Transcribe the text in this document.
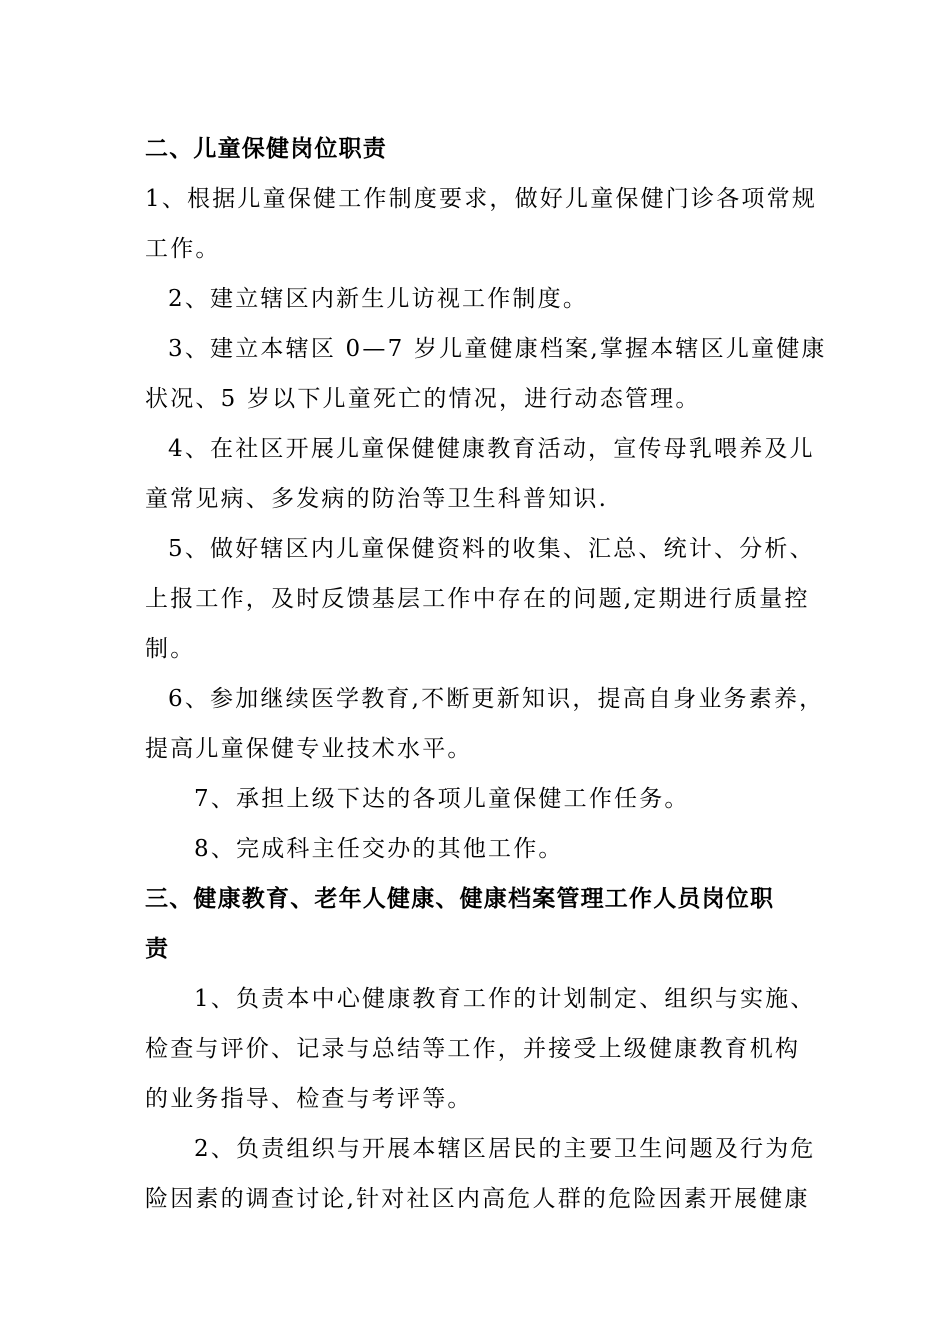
二、儿童保健岗位职责
1、根据儿童保健工作制度要求，做好儿童保健门诊各项常规
工作。
2、建立辖区内新生儿访视工作制度。
3、建立本辖区 0—7 岁儿童健康档案,掌握本辖区儿童健康
状况、5 岁以下儿童死亡的情况，进行动态管理。
4、在社区开展儿童保健健康教育活动，宣传母乳喂养及儿
童常见病、多发病的防治等卫生科普知识.
5、做好辖区内儿童保健资料的收集、汇总、统计、分析、
上报工作，及时反馈基层工作中存在的问题,定期进行质量控
制。
6、参加继续医学教育,不断更新知识，提高自身业务素养，
提高儿童保健专业技术水平。
7、承担上级下达的各项儿童保健工作任务。
8、完成科主任交办的其他工作。
三、健康教育、老年人健康、健康档案管理工作人员岗位职
责
1、负责本中心健康教育工作的计划制定、组织与实施、
检查与评价、记录与总结等工作，并接受上级健康教育机构
的业务指导、检查与考评等。
2、负责组织与开展本辖区居民的主要卫生问题及行为危
险因素的调查讨论,针对社区内高危人群的危险因素开展健康
